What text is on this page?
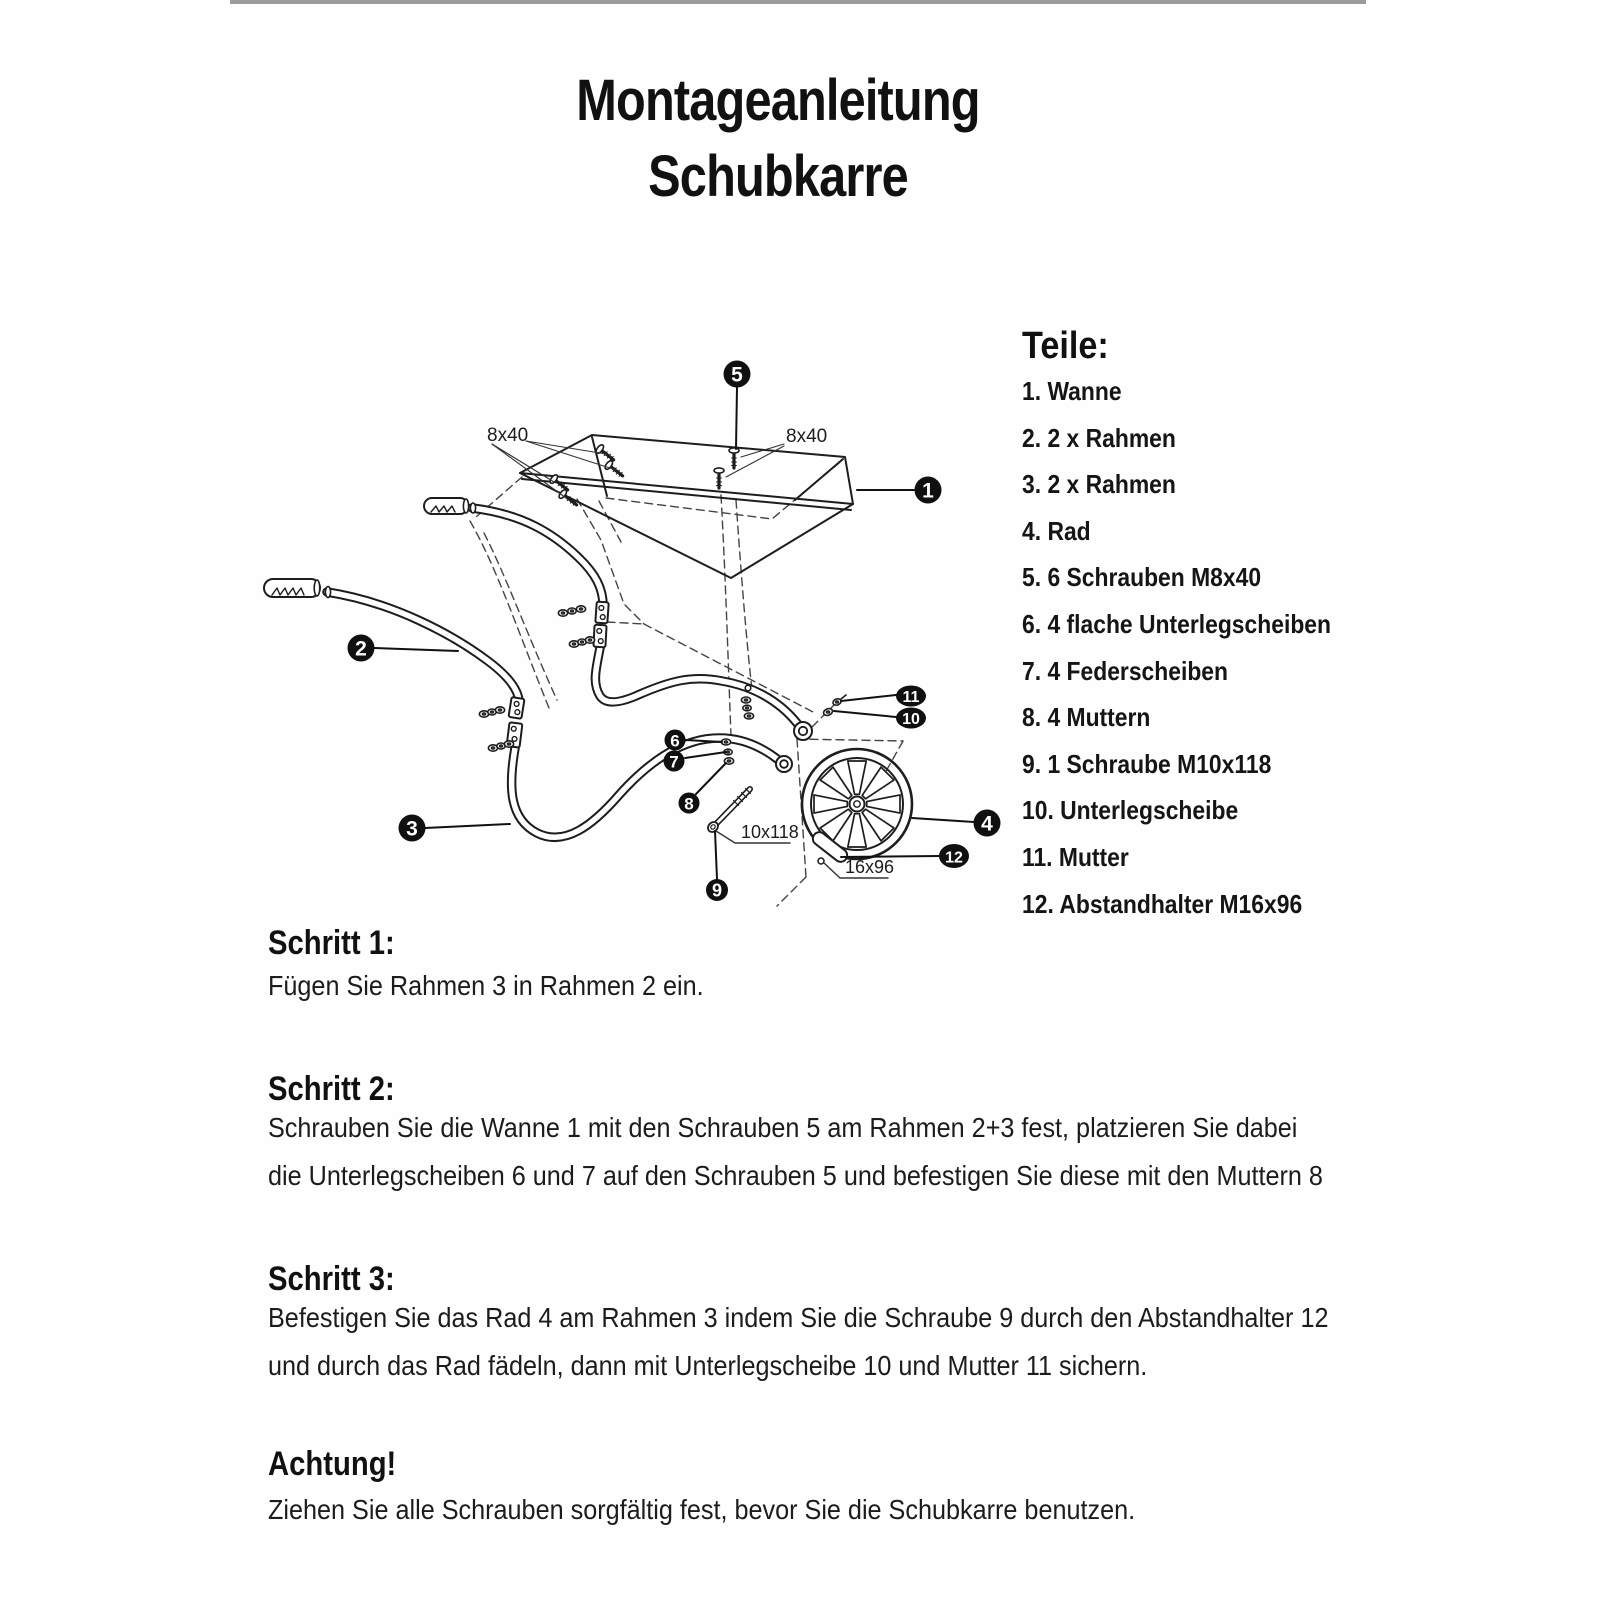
Montageanleitung
Schubkarre
Teile:
1. Wanne
2. 2 x Rahmen
3. 2 x Rahmen
4. Rad
5. 6 Schrauben M8x40
6. 4 flache Unterlegscheiben
7. 4 Federscheiben
8. 4 Muttern
9. 1 Schraube M10x118
10. Unterlegscheibe
11. Mutter
12. Abstandhalter M16x96
8x40	8x40
10x118
16x96
5
1
2
3	4
6
7
8
9
10
11
12
Schritt 1:
Fügen Sie Rahmen 3 in Rahmen 2 ein.
Schritt 2:
Schrauben Sie die Wanne 1 mit den Schrauben 5 am Rahmen 2+3 fest, platzieren Sie dabei
die Unterlegscheiben 6 und 7 auf den Schrauben 5 und befestigen Sie diese mit den Muttern 8
Schritt 3:
Befestigen Sie das Rad 4 am Rahmen 3 indem Sie die Schraube 9 durch den Abstandhalter 12
und durch das Rad fädeln, dann mit Unterlegscheibe 10 und Mutter 11 sichern.
Achtung!
Ziehen Sie alle Schrauben sorgfältig fest, bevor Sie die Schubkarre benutzen.
